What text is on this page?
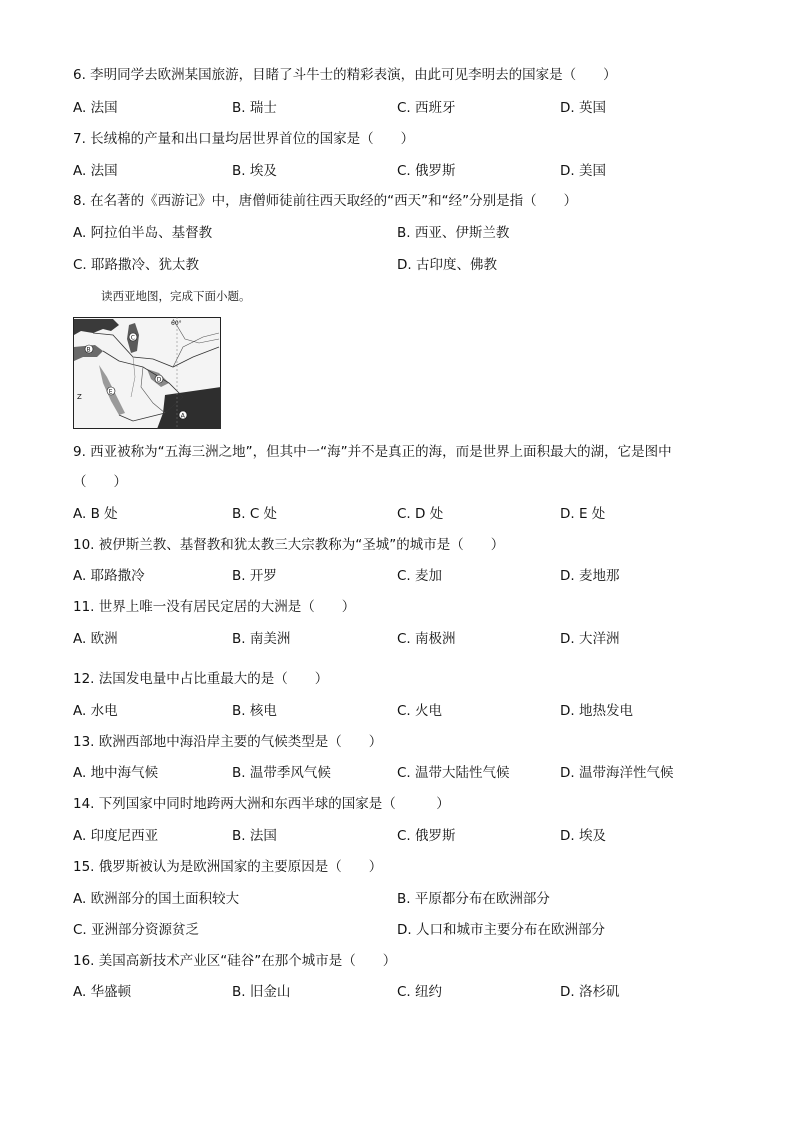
6. 李明同学去欧洲某国旅游，目睹了斗牛士的精彩表演，由此可见李明去的国家是（　　）
A. 法国	B. 瑞士	C. 西班牙	D. 英国
7. 长绒棉的产量和出口量均居世界首位的国家是（　　）
A. 法国	B. 埃及	C. 俄罗斯	D. 美国
8. 在名著的《西游记》中，唐僧师徒前往西天取经的“西天”和“经”分别是指（　　）
A. 阿拉伯半岛、基督教	B. 西亚、伊斯兰教
C. 耶路撒冷、犹太教	D. 古印度、佛教
读西亚地图，完成下面小题。
60°
B
C
D
E
A
Z
9. 西亚被称为“五海三洲之地”，但其中一“海”并不是真正的海，而是世界上面积最大的湖，它是图中
（　　）
A. B 处	B. C 处	C. D 处	D. E 处
10. 被伊斯兰教、基督教和犹太教三大宗教称为“圣城”的城市是（　　）
A. 耶路撒冷	B. 开罗	C. 麦加	D. 麦地那
11. 世界上唯一没有居民定居的大洲是（　　）
A. 欧洲	B. 南美洲	C. 南极洲	D. 大洋洲
12. 法国发电量中占比重最大的是（　　）
A. 水电	B. 核电	C. 火电	D. 地热发电
13. 欧洲西部地中海沿岸主要的气候类型是（　　）
A. 地中海气候	B. 温带季风气候	C. 温带大陆性气候	D. 温带海洋性气候
14. 下列国家中同时地跨两大洲和东西半球的国家是（　　　）
A. 印度尼西亚	B. 法国	C. 俄罗斯	D. 埃及
15. 俄罗斯被认为是欧洲国家的主要原因是（　　）
A. 欧洲部分的国土面积较大	B. 平原都分布在欧洲部分
C. 亚洲部分资源贫乏	D. 人口和城市主要分布在欧洲部分
16. 美国高新技术产业区“硅谷”在那个城市是（　　）
A. 华盛顿	B. 旧金山	C. 纽约	D. 洛杉矶
